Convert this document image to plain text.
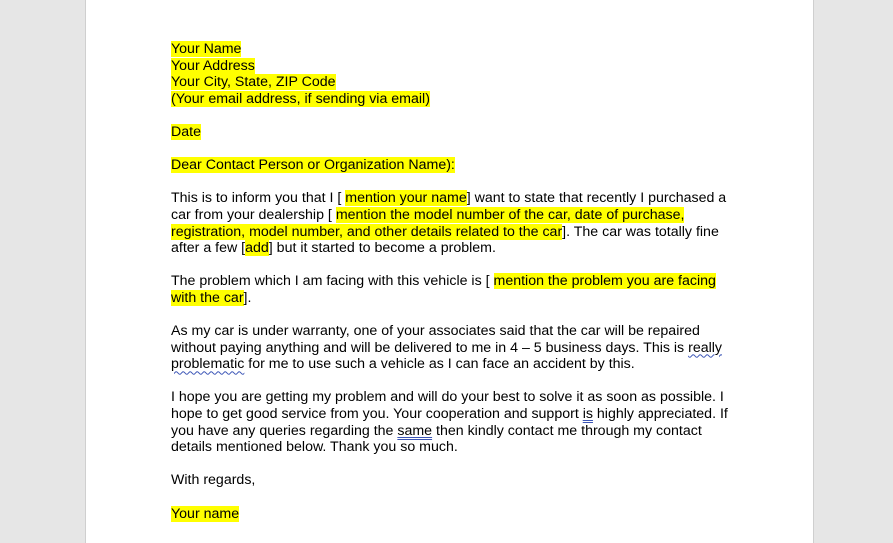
Your Name
Your Address
Your City, State, ZIP Code
(Your email address, if sending via email)

Date

Dear Contact Person or Organization Name):

This is to inform you that I [ mention your name] want to state that recently I purchased a car from your dealership [ mention the model number of the car, date of purchase, registration, model number, and other details related to the car]. The car was totally fine after a few [add] but it started to become a problem.

The problem which I am facing with this vehicle is [ mention the problem you are facing with the car].

As my car is under warranty, one of your associates said that the car will be repaired without paying anything and will be delivered to me in 4 – 5 business days. This is really problematic for me to use such a vehicle as I can face an accident by this.

I hope you are getting my problem and will do your best to solve it as soon as possible. I hope to get good service from you. Your cooperation and support is highly appreciated. If you have any queries regarding the same then kindly contact me through my contact details mentioned below. Thank you so much.

With regards,

Your name
